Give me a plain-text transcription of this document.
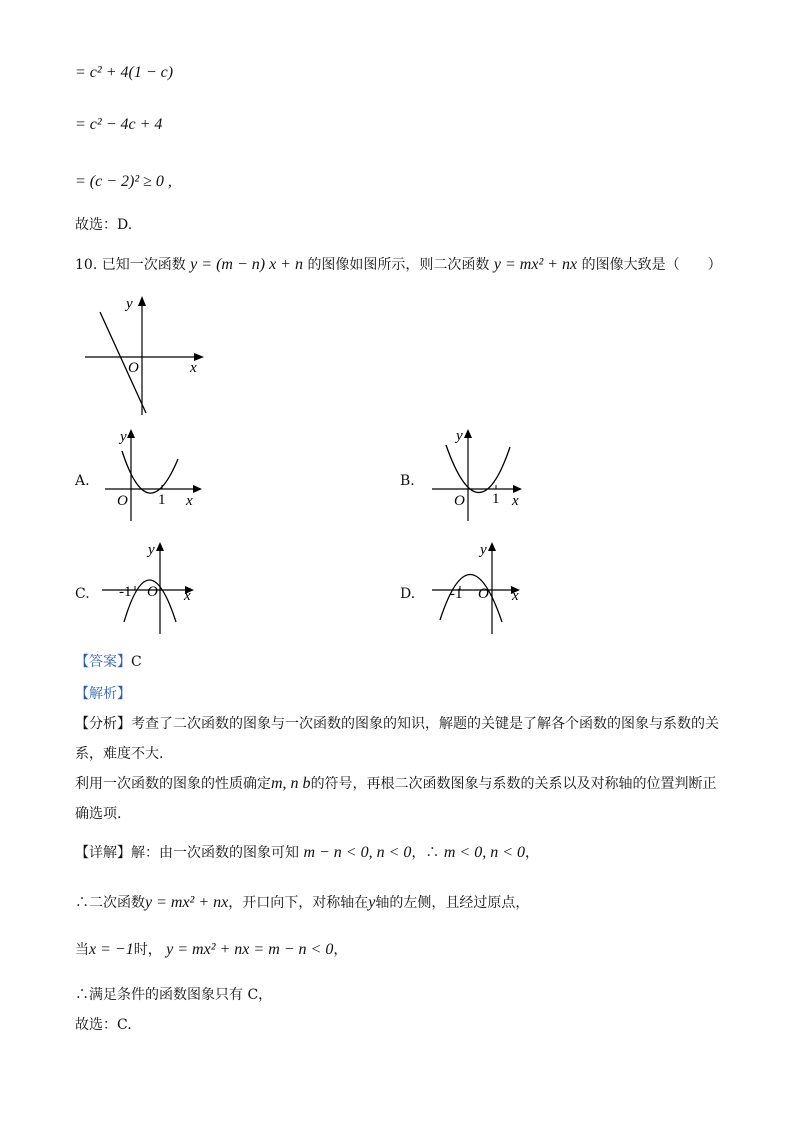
= c² + 4(1 − c)
= c² − 4c + 4
= (c − 2)² ≥ 0 ,
故选：D.
10. 已知一次函数 y = (m − n) x + n 的图像如图所示，则二次函数 y = mx² + nx 的图像大致是（　　）
y
x
O
A.
y
x
O 1
B.
y
x
O 1
C.
y
x
O
-1	D.
y
x
O
-1
【答案】C
【解析】
【分析】考查了二次函数的图象与一次函数的图象的知识，解题的关键是了解各个函数的图象与系数的关
系，难度不大.
利用一次函数的图象的性质确定m, n b的符号，再根二次函数图象与系数的关系以及对称轴的位置判断正
确选项.
【详解】解：由一次函数的图象可知 m − n < 0, n < 0，∴ m < 0, n < 0，
∴二次函数y = mx² + nx，开口向下，对称轴在y轴的左侧，且经过原点，
当x = −1时， y = mx² + nx = m − n < 0，
∴满足条件的函数图象只有 C，
故选：C.
